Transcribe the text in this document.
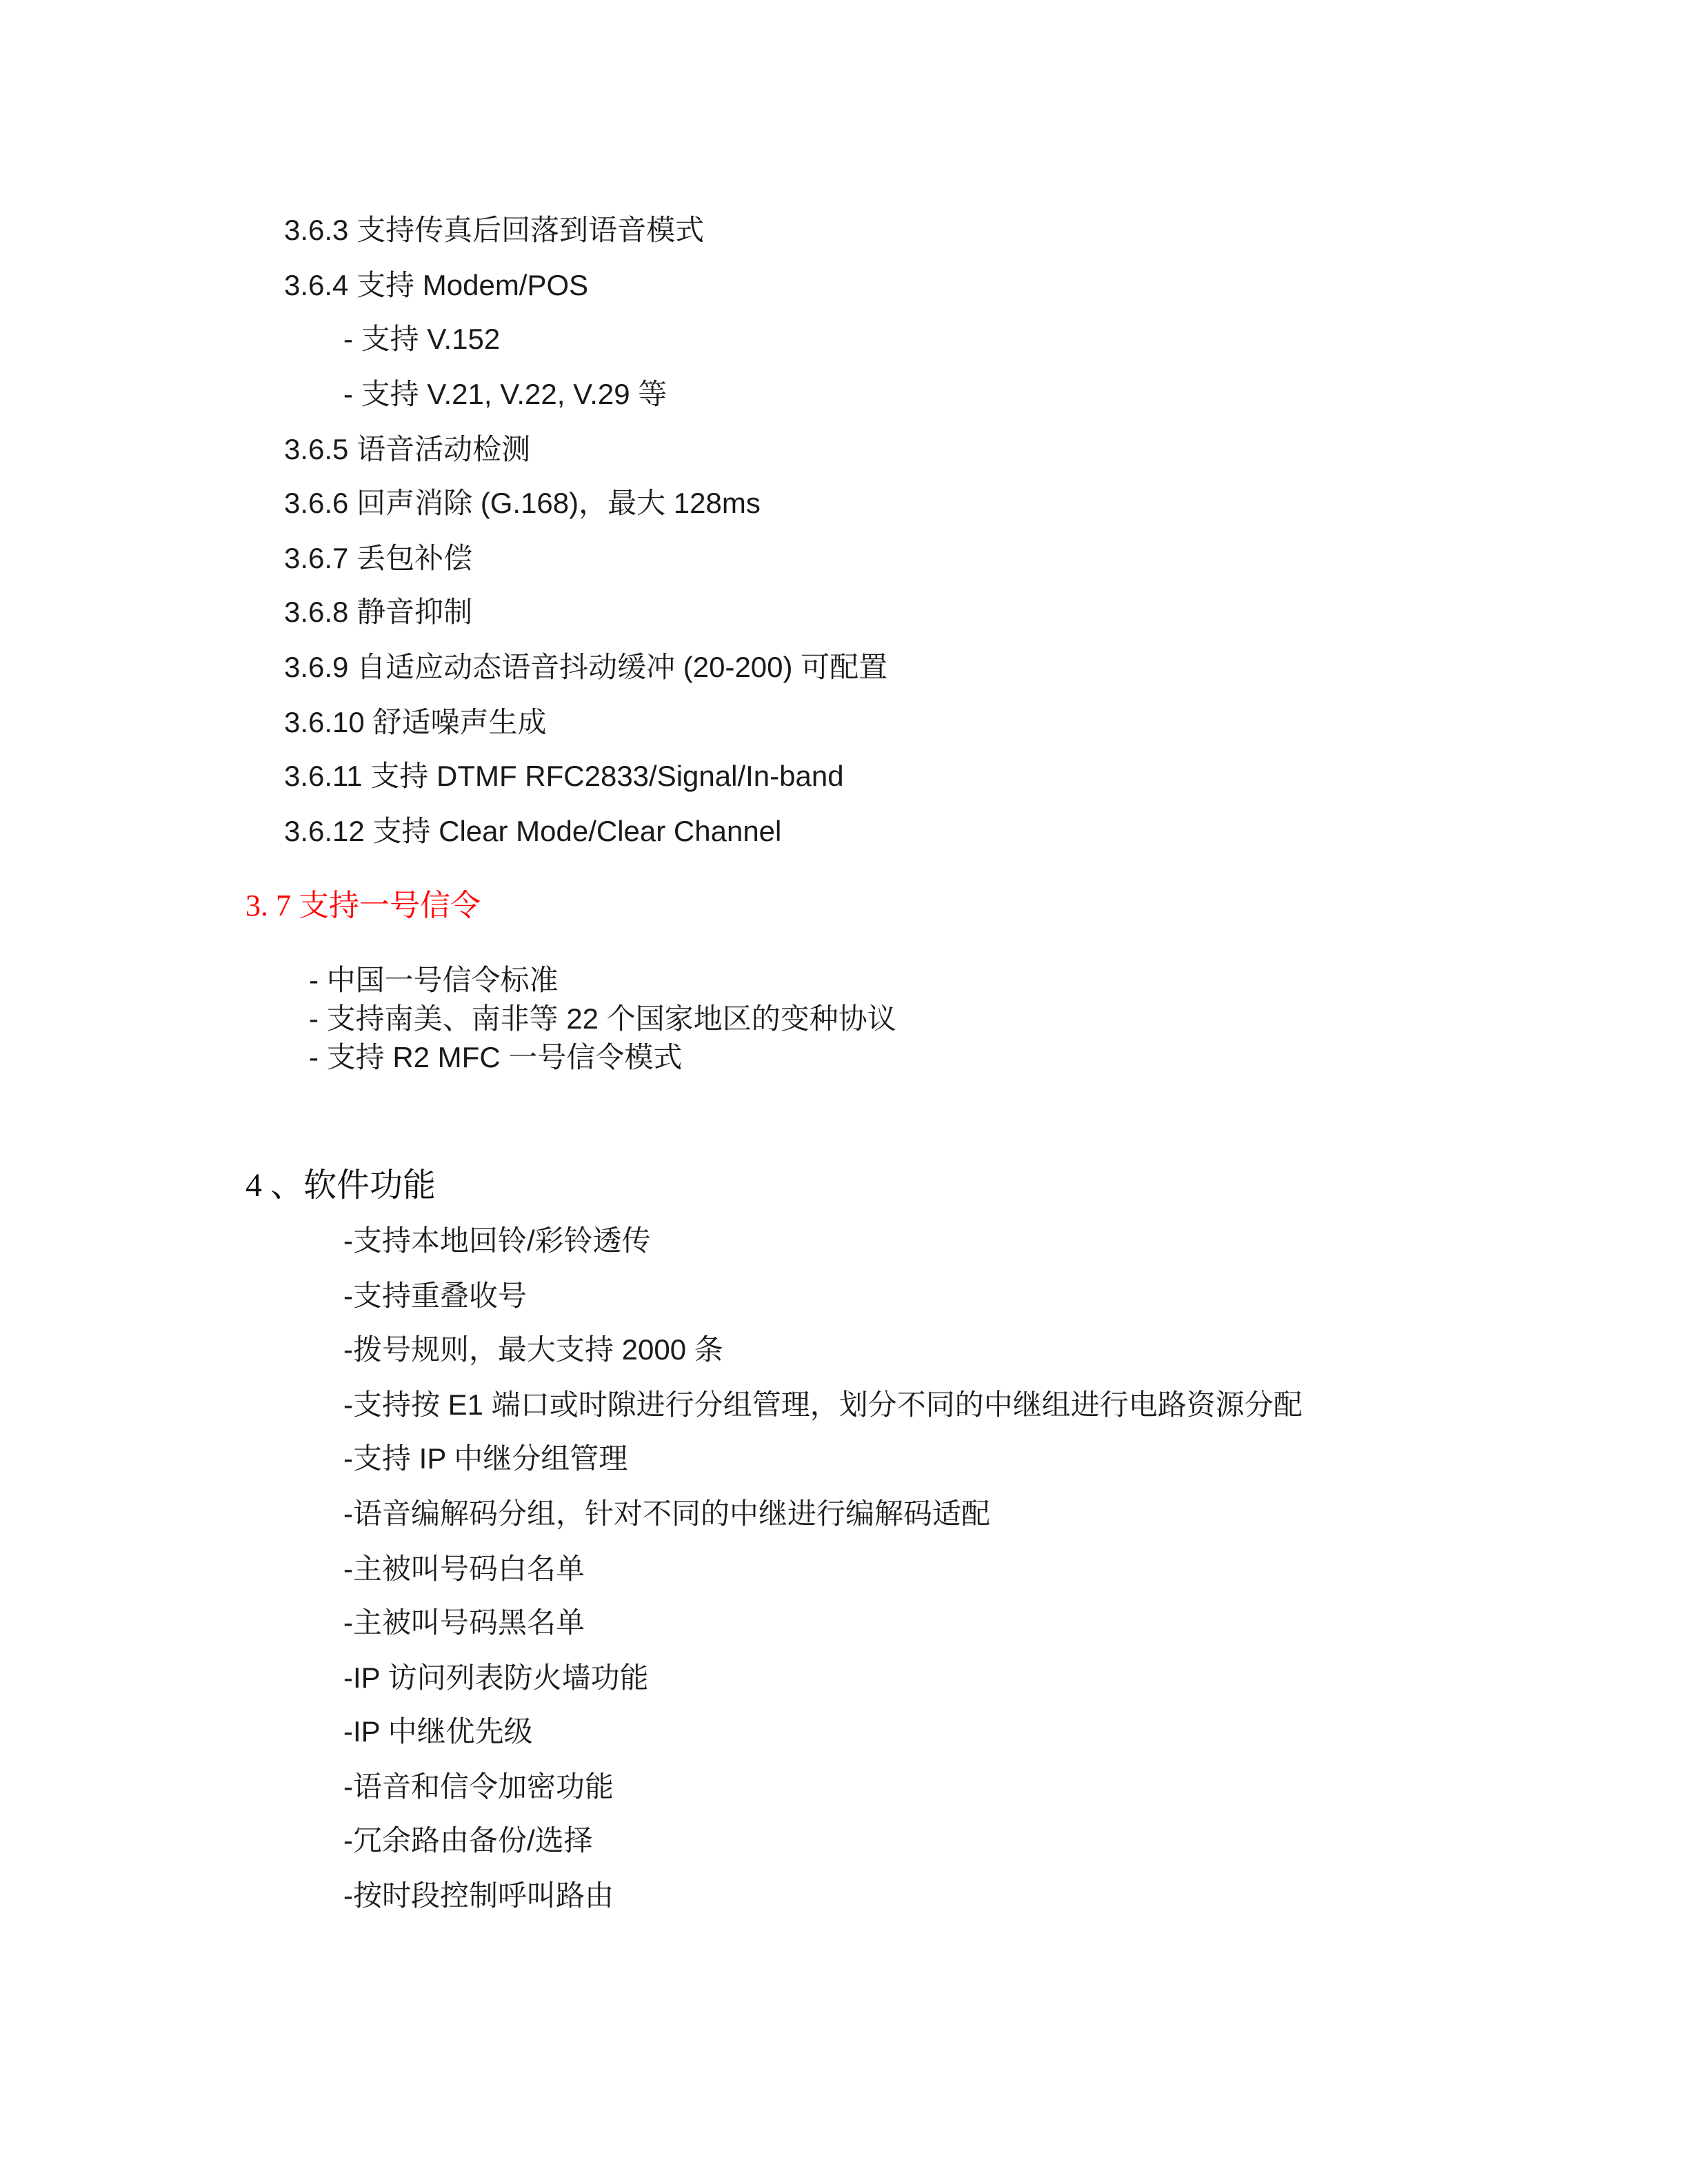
3.6.3 支持传真后回落到语音模式
3.6.4 支持 Modem/POS
- 支持 V.152
- 支持 V.21, V.22, V.29 等
3.6.5 语音活动检测
3.6.6 回声消除 (G.168)，最大 128ms
3.6.7 丢包补偿
3.6.8 静音抑制
3.6.9 自适应动态语音抖动缓冲 (20-200) 可配置
3.6.10 舒适噪声生成
3.6.11 支持 DTMF RFC2833/Signal/In-band
3.6.12 支持 Clear Mode/Clear Channel
3. 7 支持一号信令
- 中国一号信令标准
- 支持南美、南非等 22 个国家地区的变种协议
- 支持 R2 MFC 一号信令模式
4 、软件功能
-支持本地回铃/彩铃透传
-支持重叠收号
-拨号规则，最大支持 2000 条
-支持按 E1 端口或时隙进行分组管理，划分不同的中继组进行电路资源分配
-支持 IP 中继分组管理
-语音编解码分组，针对不同的中继进行编解码适配
-主被叫号码白名单
-主被叫号码黑名单
-IP 访问列表防火墙功能
-IP 中继优先级
-语音和信令加密功能
-冗余路由备份/选择
-按时段控制呼叫路由
